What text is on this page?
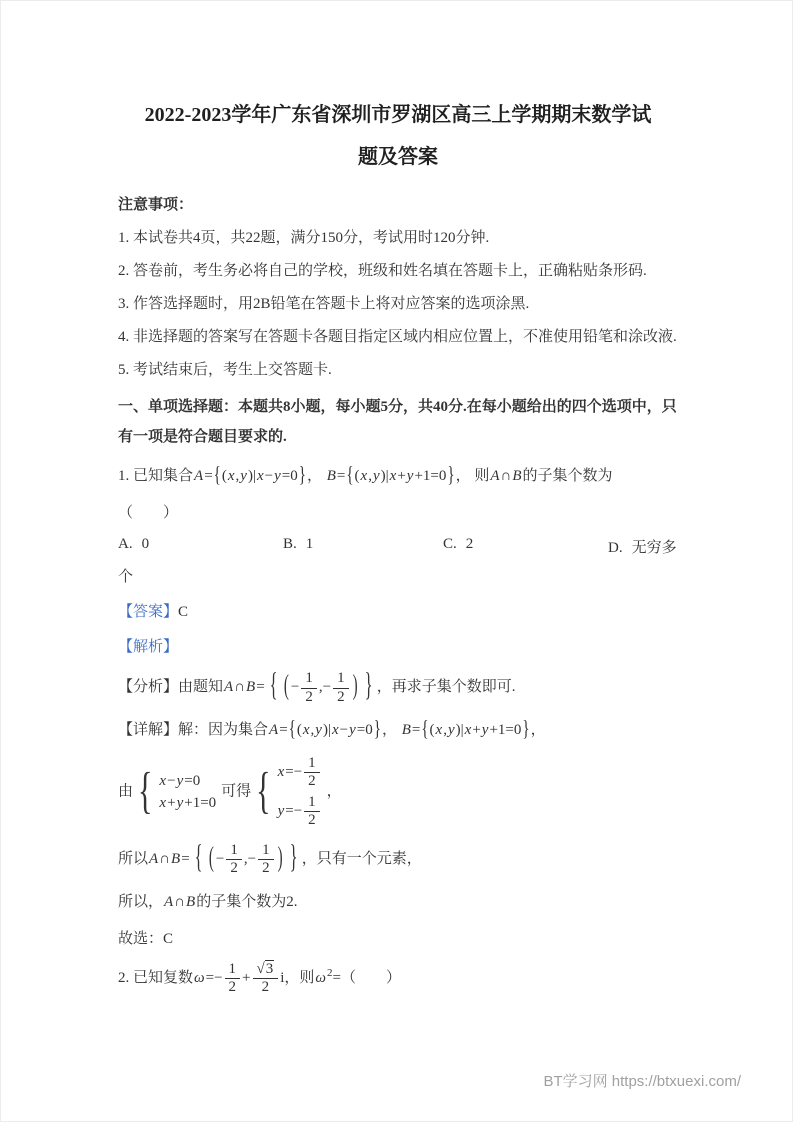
2022-2023学年广东省深圳市罗湖区高三上学期期末数学试
题及答案

注意事项：

1. 本试卷共4页，共22题，满分150分，考试用时120分钟.

2. 答卷前，考生务必将自己的学校，班级和姓名填在答题卡上，正确粘贴条形码.

3. 作答选择题时，用2B铅笔在答题卡上将对应答案的选项涂黑.

4. 非选择题的答案写在答题卡各题目指定区域内相应位置上，不准使用铅笔和涂改液.

5. 考试结束后，考生上交答题卡.

一、单项选择题：本题共8小题，每小题5分，共40分.在每小题给出的四个选项中，只有一项是符合题目要求的.

1. 已知集合A={(x,y)|x−y=0}， B={(x,y)|x+y+1=0}， 则A∩B的子集个数为

（　　）

A. 0	B. 1	C. 2	D. 无穷多

个

【答案】C

【解析】

【分析】由题知A∩B= { ( − $\frac{1}{2}$ ,− $\frac{1}{2}$ ) } ，再求子集个数即可.

【详解】解：因为集合A={(x,y)|x−y=0}， B={(x,y)|x+y+1=0}，

由 { x−y=0
x+y+1=0
可得 { $x=- \frac{1}{2}$
$y=- \frac{1}{2}$
，

所以A∩B= { ( − $\frac{1}{2}$ ,− $\frac{1}{2}$ ) } ，只有一个元素，

所以，A∩B的子集个数为2.

故选：C

2. 已知复数$\omega=- \frac{1}{2} + \frac{√3}{2}$ i，则$\omega^2=$（　　）

BT学习网 https://btxuexi.com/
